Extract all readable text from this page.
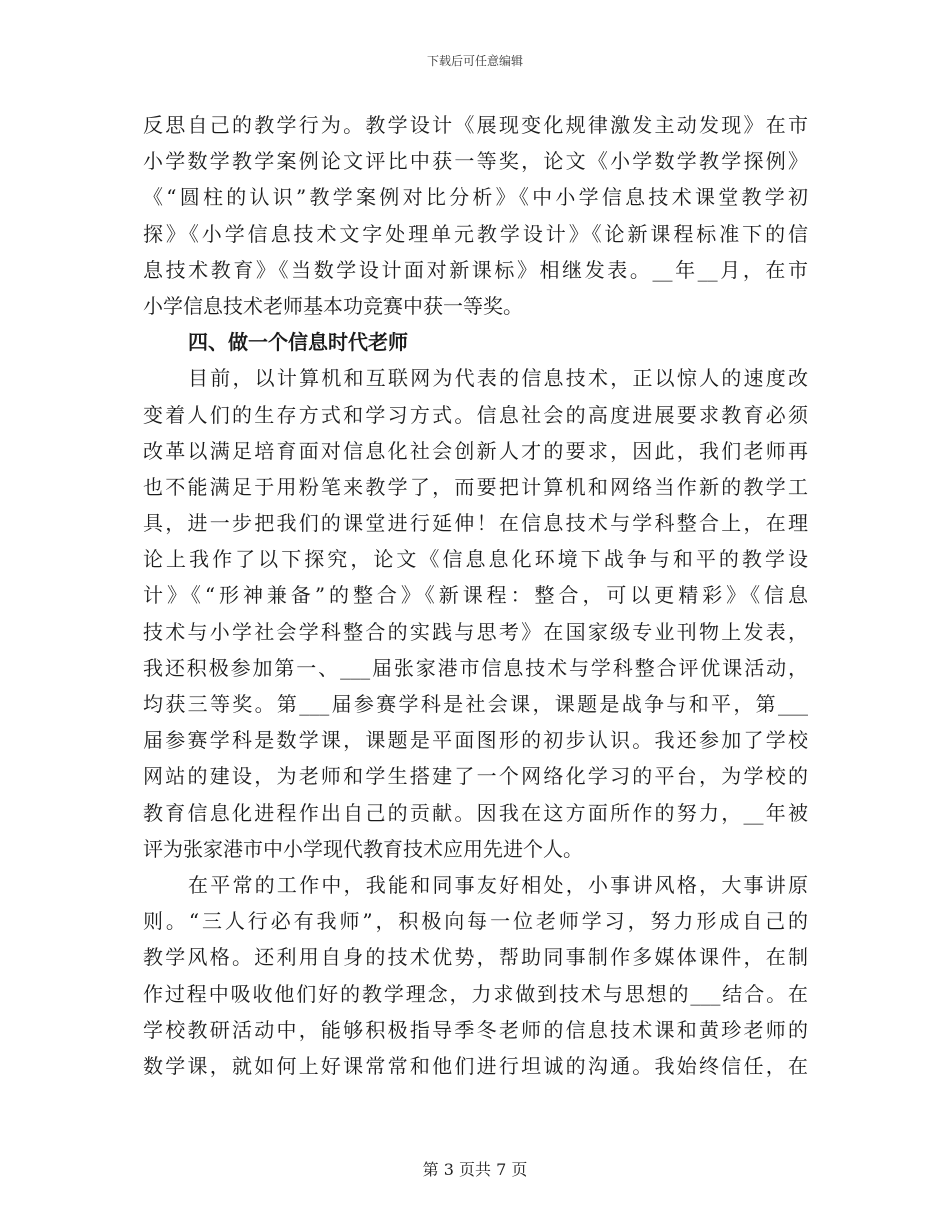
下载后可任意编辑
反思自己的教学行为。教学设计《展现变化规律激发主动发现》在市
小学数学教学案例论文评比中获一等奖，论文《小学数学教学探例》
《“圆柱的认识”教学案例对比分析》《中小学信息技术课堂教学初
探》《小学信息技术文字处理单元教学设计》《论新课程标准下的信
息技术教育》《当数学设计面对新课标》相继发表。__年__月，在市
小学信息技术老师基本功竞赛中获一等奖。
四、做一个信息时代老师
目前，以计算机和互联网为代表的信息技术，正以惊人的速度改
变着人们的生存方式和学习方式。信息社会的高度进展要求教育必须
改革以满足培育面对信息化社会创新人才的要求，因此，我们老师再
也不能满足于用粉笔来教学了，而要把计算机和网络当作新的教学工
具，进一步把我们的课堂进行延伸！在信息技术与学科整合上，在理
论上我作了以下探究，论文《信息息化环境下战争与和平的教学设
计》《“形神兼备”的整合》《新课程：整合，可以更精彩》《信息
技术与小学社会学科整合的实践与思考》在国家级专业刊物上发表，
我还积极参加第一、___届张家港市信息技术与学科整合评优课活动，
均获三等奖。第___届参赛学科是社会课，课题是战争与和平，第___
届参赛学科是数学课，课题是平面图形的初步认识。我还参加了学校
网站的建设，为老师和学生搭建了一个网络化学习的平台，为学校的
教育信息化进程作出自己的贡献。因我在这方面所作的努力，__年被
评为张家港市中小学现代教育技术应用先进个人。
在平常的工作中，我能和同事友好相处，小事讲风格，大事讲原
则。“三人行必有我师”，积极向每一位老师学习，努力形成自己的
教学风格。还利用自身的技术优势，帮助同事制作多媒体课件，在制
作过程中吸收他们好的教学理念，力求做到技术与思想的___结合。在
学校教研活动中，能够积极指导季冬老师的信息技术课和黄珍老师的
数学课，就如何上好课常常和他们进行坦诚的沟通。我始终信任，在
第 3 页共 7 页
